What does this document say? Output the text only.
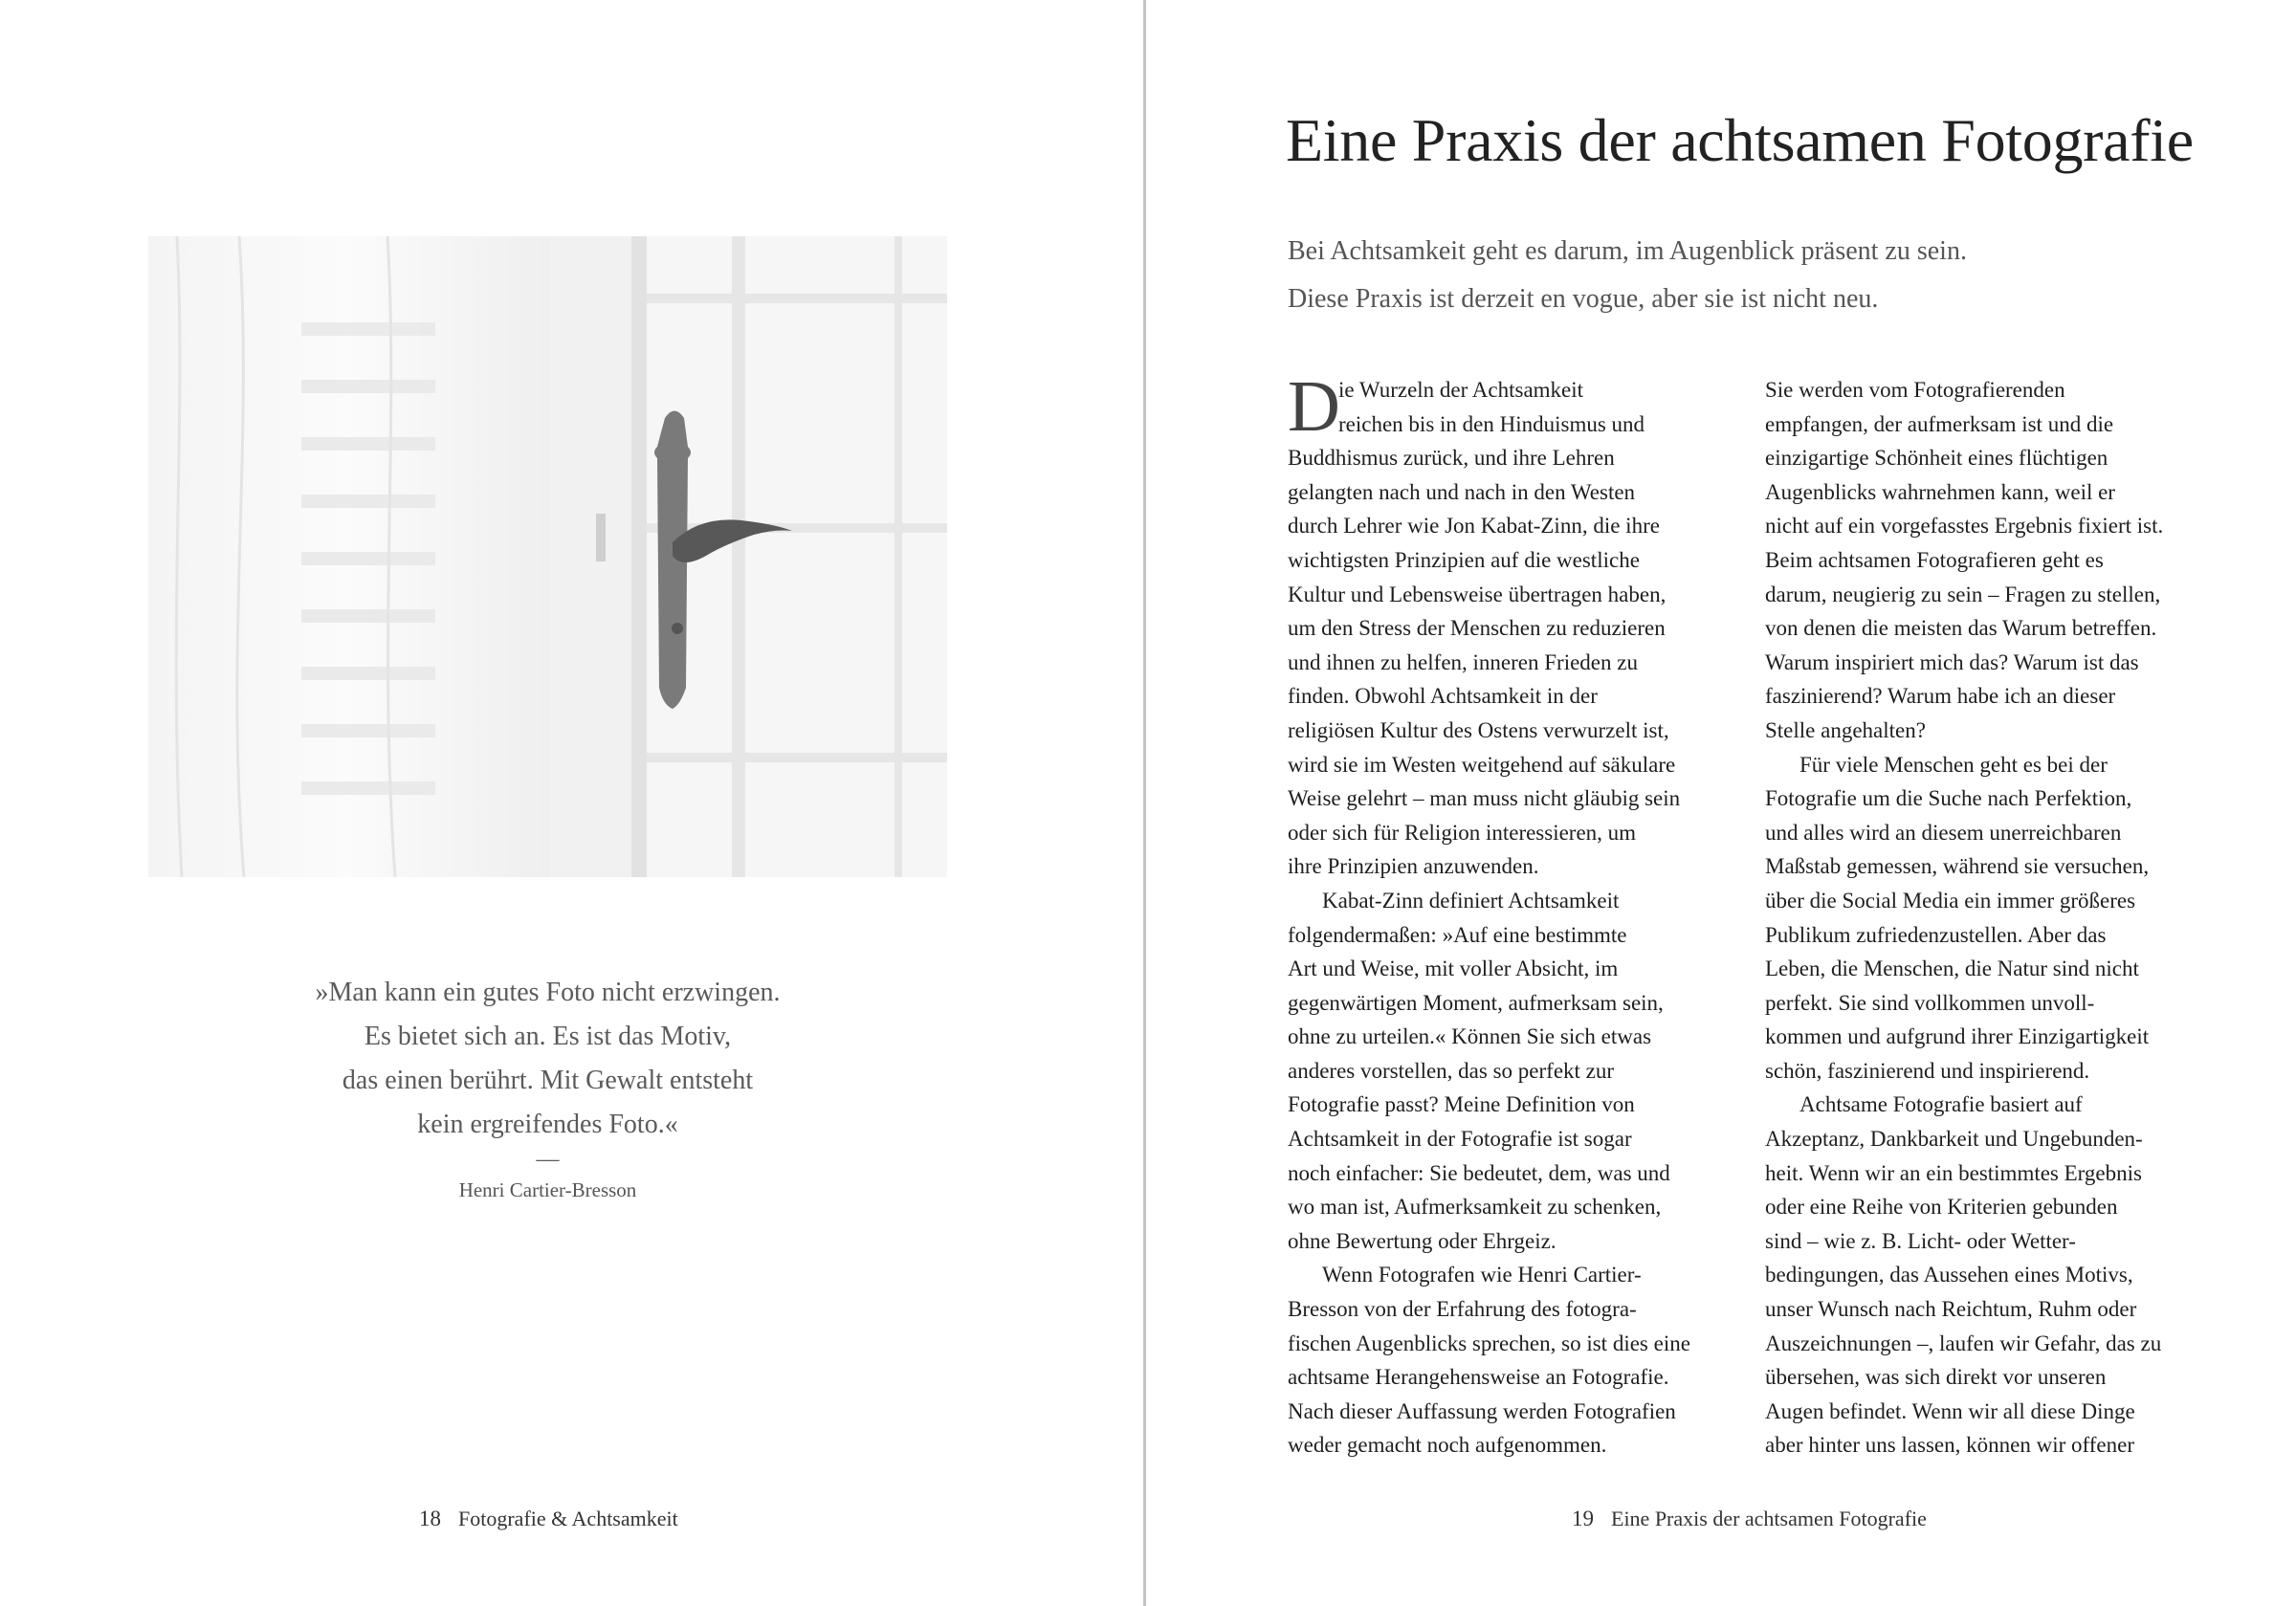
»Man kann ein gutes Foto nicht erzwingen.
Es bietet sich an. Es ist das Motiv,
das einen berührt. Mit Gewalt entsteht
kein ergreifendes Foto.«
—
Henri Cartier-Bresson
18 Fotografie & Achtsamkeit
Eine Praxis der achtsamen Fotografie
Bei Achtsamkeit geht es darum, im Augenblick präsent zu sein.
Diese Praxis ist derzeit en vogue, aber sie ist nicht neu.
D
ie Wurzeln der Achtsamkeit
reichen bis in den Hinduismus und
Buddhismus zurück, und ihre Lehren
gelangten nach und nach in den Westen
durch Lehrer wie Jon Kabat-Zinn, die ihre
wichtigsten Prinzipien auf die westliche
Kultur und Lebensweise übertragen haben,
um den Stress der Menschen zu reduzieren
und ihnen zu helfen, inneren Frieden zu
finden. Obwohl Achtsamkeit in der
religiösen Kultur des Ostens verwurzelt ist,
wird sie im Westen weitgehend auf säkulare
Weise gelehrt – man muss nicht gläubig sein
oder sich für Religion interessieren, um
ihre Prinzipien anzuwenden.
Kabat-Zinn definiert Achtsamkeit
folgendermaßen: »Auf eine bestimmte
Art und Weise, mit voller Absicht, im
gegenwärtigen Moment, aufmerksam sein,
ohne zu urteilen.« Können Sie sich etwas
anderes vorstellen, das so perfekt zur
Fotografie passt? Meine Definition von
Achtsamkeit in der Fotografie ist sogar
noch einfacher: Sie bedeutet, dem, was und
wo man ist, Aufmerksamkeit zu schenken,
ohne Bewertung oder Ehrgeiz.
Wenn Fotografen wie Henri Cartier-
Bresson von der Erfahrung des fotogra-
fischen Augenblicks sprechen, so ist dies eine
achtsame Herangehensweise an Fotografie.
Nach dieser Auffassung werden Fotografien
weder gemacht noch aufgenommen.
Sie werden vom Fotografierenden
empfangen, der aufmerksam ist und die
einzigartige Schönheit eines flüchtigen
Augenblicks wahrnehmen kann, weil er
nicht auf ein vorgefasstes Ergebnis fixiert ist.
Beim achtsamen Fotografieren geht es
darum, neugierig zu sein – Fragen zu stellen,
von denen die meisten das Warum betreffen.
Warum inspiriert mich das? Warum ist das
faszinierend? Warum habe ich an dieser
Stelle angehalten?
Für viele Menschen geht es bei der
Fotografie um die Suche nach Perfektion,
und alles wird an diesem unerreichbaren
Maßstab gemessen, während sie versuchen,
über die Social Media ein immer größeres
Publikum zufriedenzustellen. Aber das
Leben, die Menschen, die Natur sind nicht
perfekt. Sie sind vollkommen unvoll-
kommen und aufgrund ihrer Einzigartigkeit
schön, faszinierend und inspirierend.
Achtsame Fotografie basiert auf
Akzeptanz, Dankbarkeit und Ungebunden-
heit. Wenn wir an ein bestimmtes Ergebnis
oder eine Reihe von Kriterien gebunden
sind – wie z. B. Licht- oder Wetter-
bedingungen, das Aussehen eines Motivs,
unser Wunsch nach Reichtum, Ruhm oder
Auszeichnungen –, laufen wir Gefahr, das zu
übersehen, was sich direkt vor unseren
Augen befindet. Wenn wir all diese Dinge
aber hinter uns lassen, können wir offener
19 Eine Praxis der achtsamen Fotografie
